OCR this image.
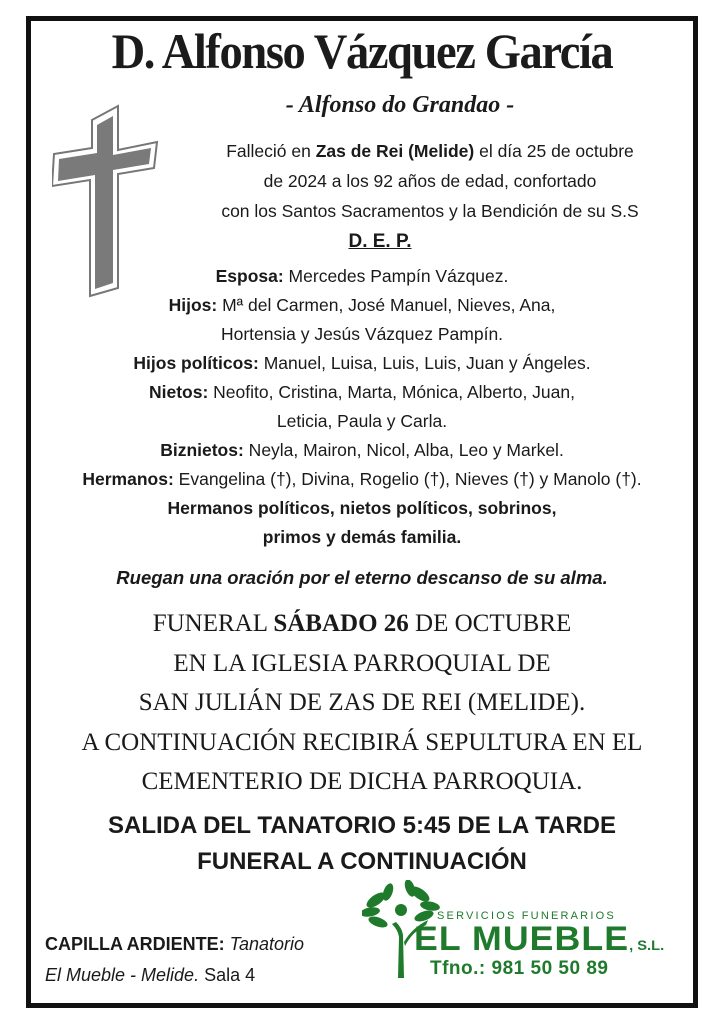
D. Alfonso Vázquez García
- Alfonso do Grandao -
Falleció en Zas de Rei (Melide) el día 25 de octubre
de 2024 a los 92 años de edad, confortado
con los Santos Sacramentos y la Bendición de su S.S
D. E. P.
Esposa: Mercedes Pampín Vázquez.
Hijos: Mª del Carmen, José Manuel, Nieves, Ana,
Hortensia y Jesús Vázquez Pampín.
Hijos políticos: Manuel, Luisa, Luis, Luis, Juan y Ángeles.
Nietos: Neofito, Cristina, Marta, Mónica, Alberto, Juan,
Leticia, Paula y Carla.
Biznietos: Neyla, Mairon, Nicol, Alba, Leo y Markel.
Hermanos: Evangelina (†), Divina, Rogelio (†), Nieves (†) y Manolo (†).
Hermanos políticos, nietos políticos, sobrinos,
primos y demás familia.
Ruegan una oración por el eterno descanso de su alma.
FUNERAL SÁBADO 26 DE OCTUBRE
EN LA IGLESIA PARROQUIAL DE
SAN JULIÁN DE ZAS DE REI (MELIDE).
A CONTINUACIÓN RECIBIRÁ SEPULTURA EN EL
CEMENTERIO DE DICHA PARROQUIA.
SALIDA DEL TANATORIO 5:45 DE LA TARDE
FUNERAL A CONTINUACIÓN
CAPILLA ARDIENTE: Tanatorio
El Mueble - Melide. Sala 4
SERVICIOS FUNERARIOS
EL MUEBLE, S.L.
Tfno.: 981 50 50 89
